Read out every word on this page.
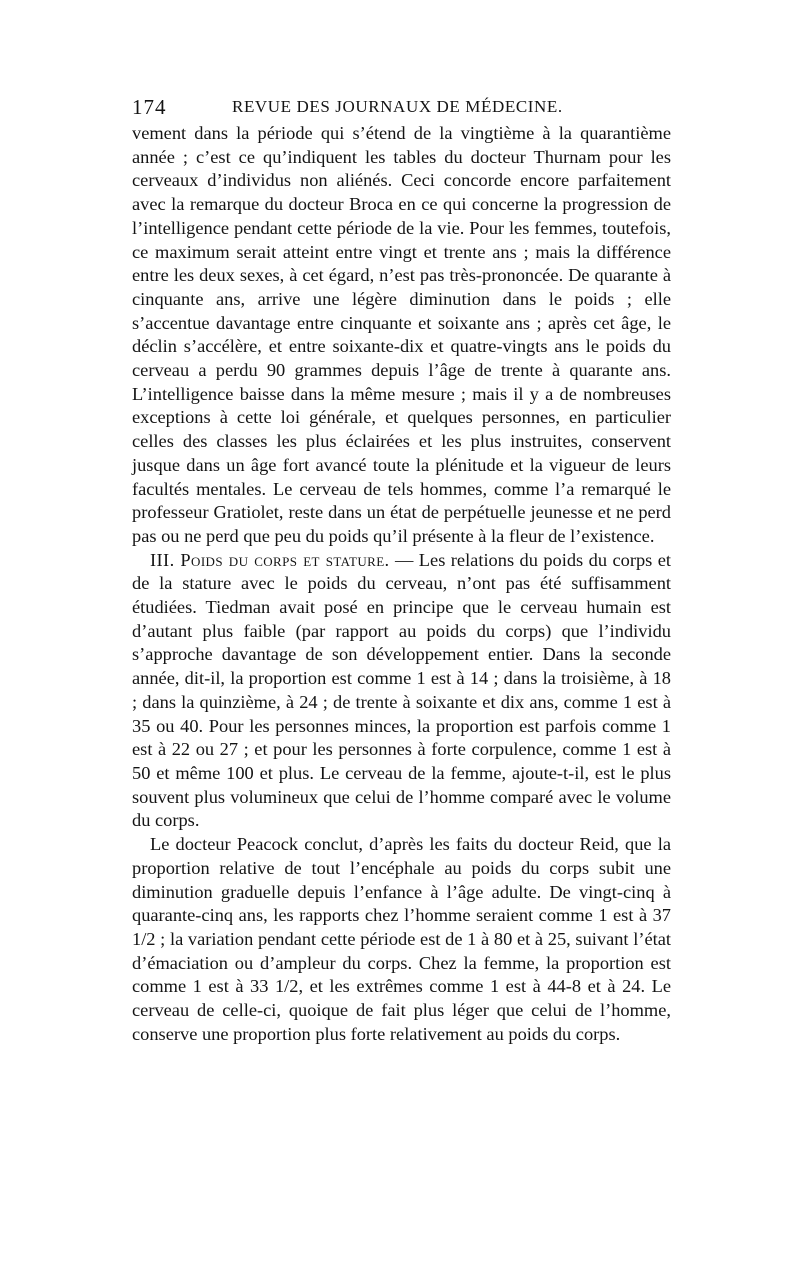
174	REVUE DES JOURNAUX DE MÉDECINE.

vement dans la période qui s’étend de la vingtième à la quarantième année ; c’est ce qu’indiquent les tables du docteur Thurnam pour les cerveaux d’individus non aliénés. Ceci concorde encore parfaitement avec la remarque du docteur Broca en ce qui concerne la progression de l’intelligence pendant cette période de la vie. Pour les femmes, toutefois, ce maximum serait atteint entre vingt et trente ans ; mais la différence entre les deux sexes, à cet égard, n’est pas très-prononcée. De quarante à cinquante ans, arrive une légère diminution dans le poids ; elle s’accentue davantage entre cinquante et soixante ans ; après cet âge, le déclin s’accélère, et entre soixante-dix et quatre-vingts ans le poids du cerveau a perdu 90 grammes depuis l’âge de trente à quarante ans. L’intelligence baisse dans la même mesure ; mais il y a de nombreuses exceptions à cette loi générale, et quelques personnes, en particulier celles des classes les plus éclairées et les plus instruites, conservent jusque dans un âge fort avancé toute la plénitude et la vigueur de leurs facultés mentales. Le cerveau de tels hommes, comme l’a remarqué le professeur Gratiolet, reste dans un état de perpétuelle jeunesse et ne perd pas ou ne perd que peu du poids qu’il présente à la fleur de l’existence.

III. Poids du corps et stature. — Les relations du poids du corps et de la stature avec le poids du cerveau, n’ont pas été suffisamment étudiées. Tiedman avait posé en principe que le cerveau humain est d’autant plus faible (par rapport au poids du corps) que l’individu s’approche davantage de son développement entier. Dans la seconde année, dit-il, la proportion est comme 1 est à 14 ; dans la troisième, à 18 ; dans la quinzième, à 24 ; de trente à soixante et dix ans, comme 1 est à 35 ou 40. Pour les personnes minces, la proportion est parfois comme 1 est à 22 ou 27 ; et pour les personnes à forte corpulence, comme 1 est à 50 et même 100 et plus. Le cerveau de la femme, ajoute-t-il, est le plus souvent plus volumineux que celui de l’homme comparé avec le volume du corps.

Le docteur Peacock conclut, d’après les faits du docteur Reid, que la proportion relative de tout l’encéphale au poids du corps subit une diminution graduelle depuis l’enfance à l’âge adulte. De vingt-cinq à quarante-cinq ans, les rapports chez l’homme seraient comme 1 est à 37 1/2 ; la variation pendant cette période est de 1 à 80 et à 25, suivant l’état d’émaciation ou d’ampleur du corps. Chez la femme, la proportion est comme 1 est à 33 1/2, et les extrêmes comme 1 est à 44-8 et à 24. Le cerveau de celle-ci, quoique de fait plus léger que celui de l’homme, conserve une proportion plus forte relativement au poids du corps.
